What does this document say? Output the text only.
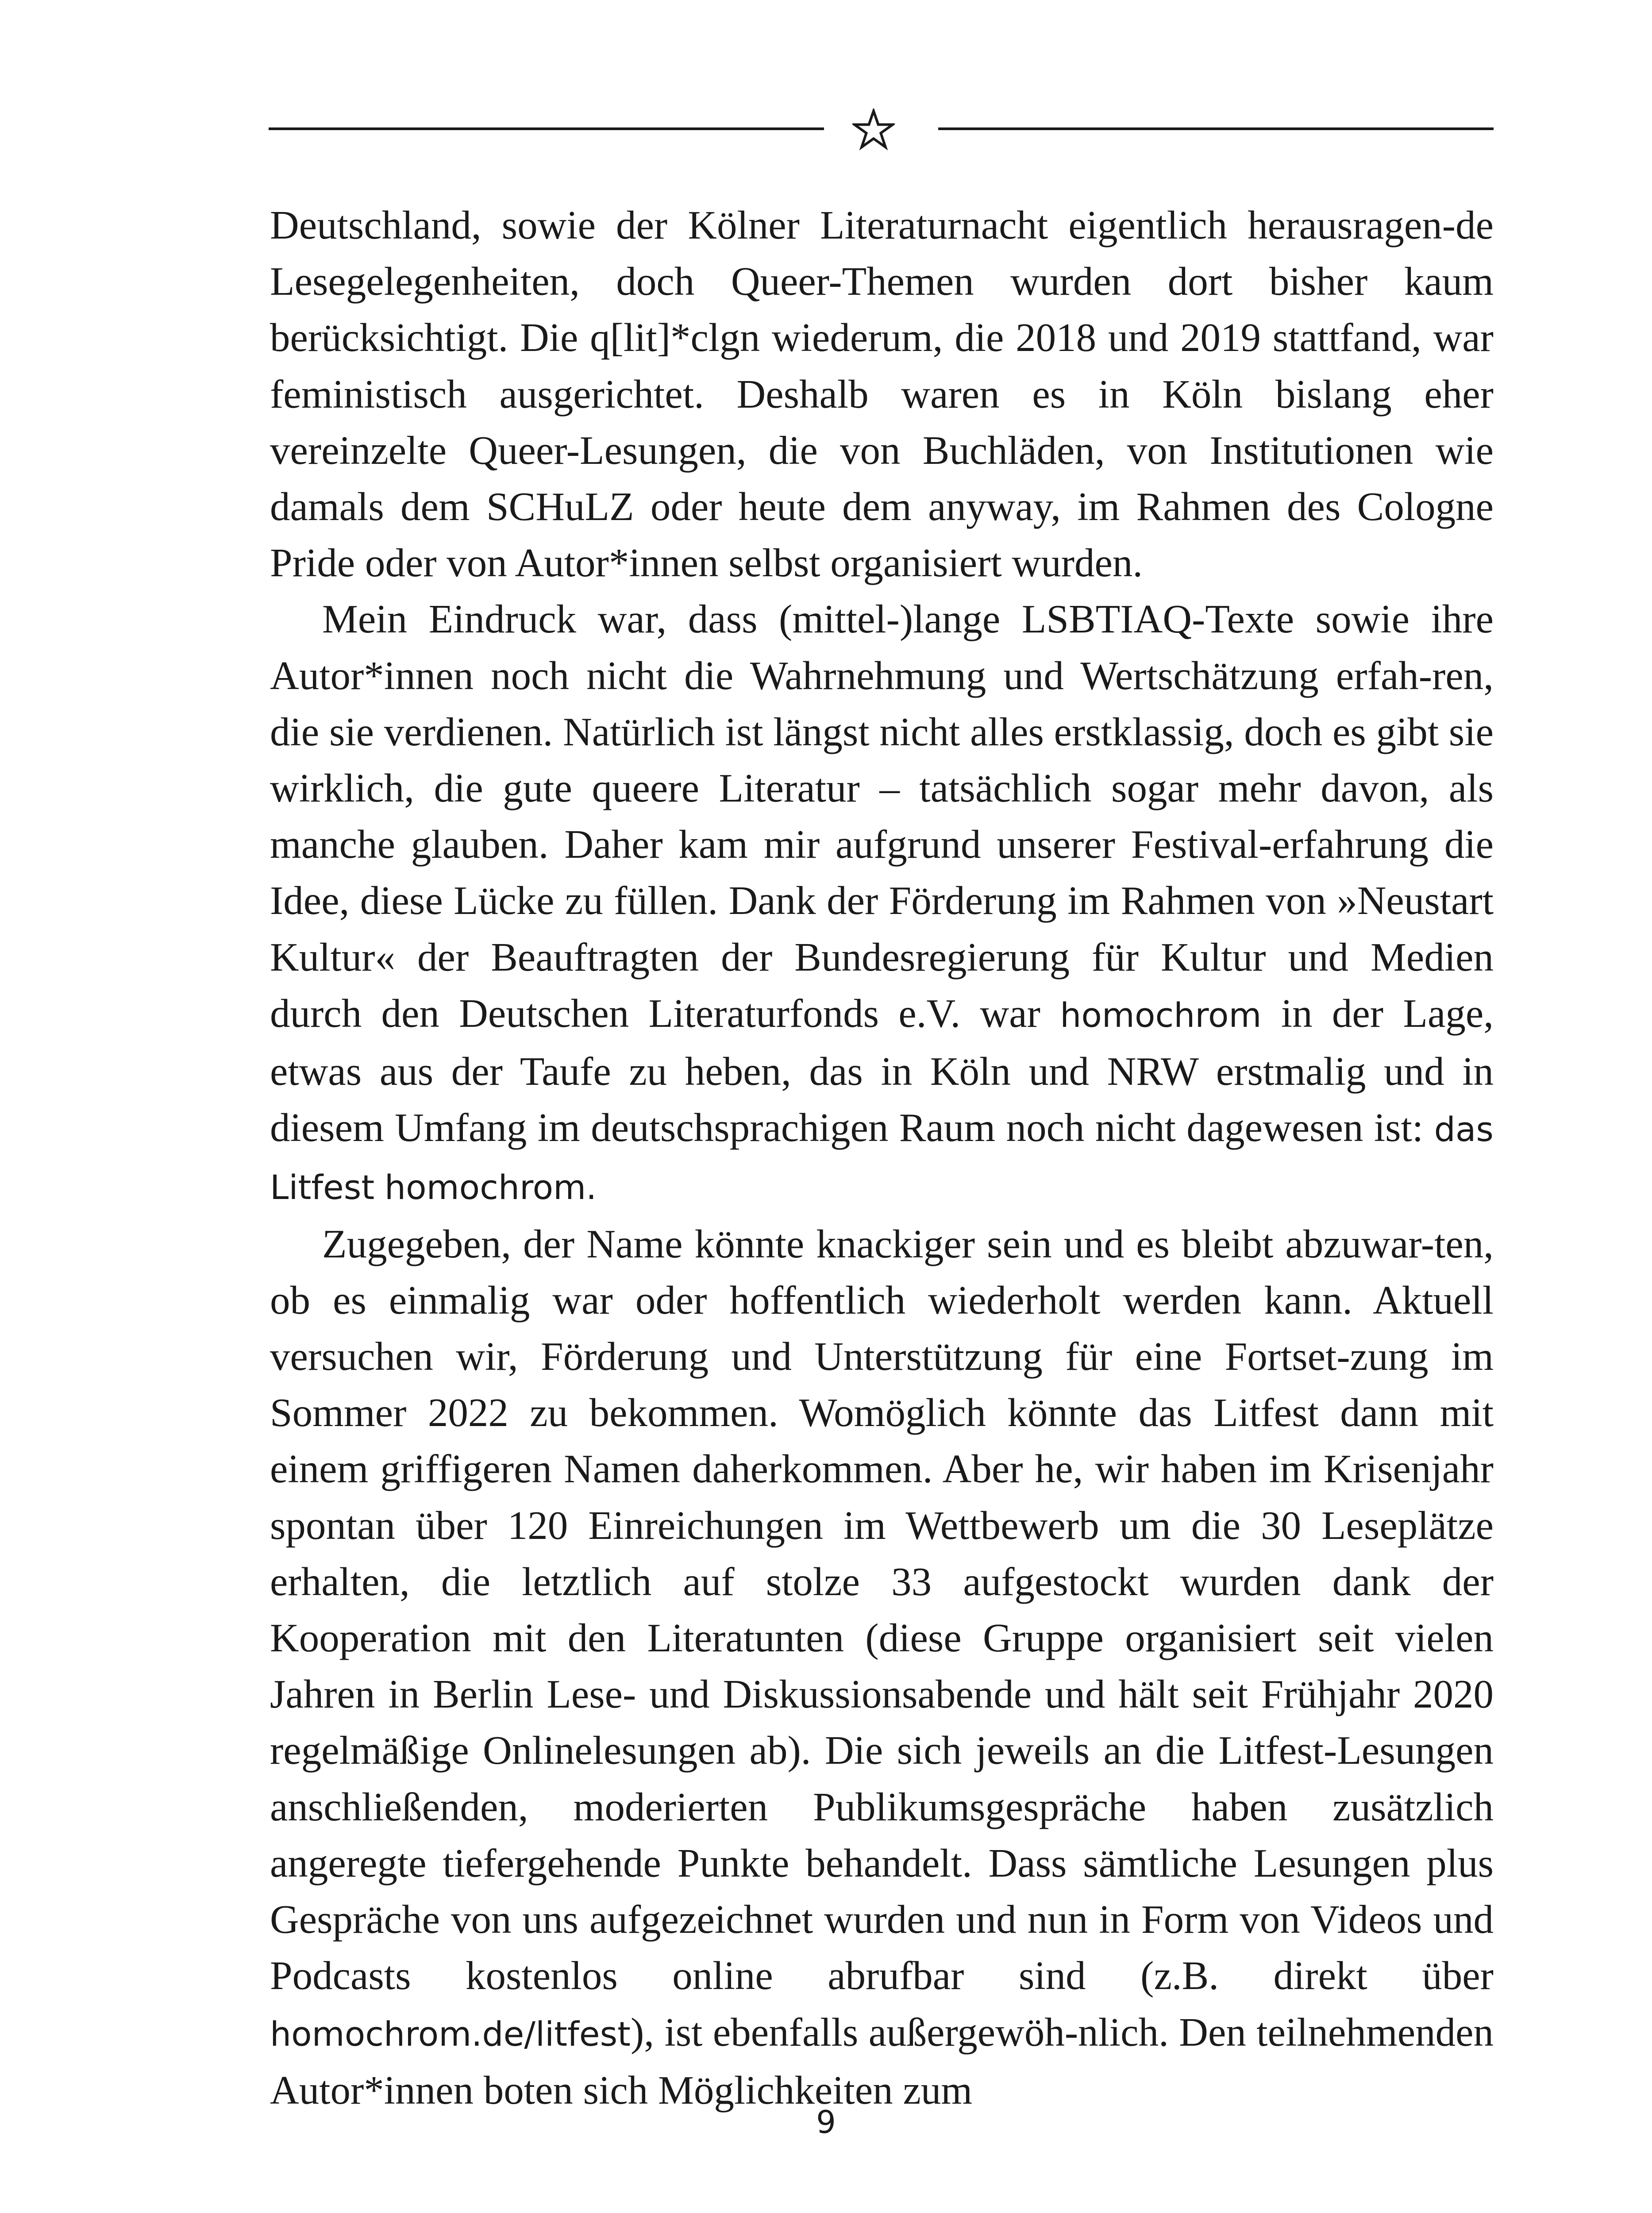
Deutschland, sowie der Kölner Literaturnacht eigentlich herausragen-de Lesegelegenheiten, doch Queer-Themen wurden dort bisher kaum berücksichtigt. Die q[lit]*clgn wiederum, die 2018 und 2019 stattfand, war feministisch ausgerichtet. Deshalb waren es in Köln bislang eher vereinzelte Queer-Lesungen, die von Buchläden, von Institutionen wie damals dem SCHuLZ oder heute dem anyway, im Rahmen des Cologne Pride oder von Autor*innen selbst organisiert wurden.

Mein Eindruck war, dass (mittel-)lange LSBTIAQ-Texte sowie ihre Autor*innen noch nicht die Wahrnehmung und Wertschätzung erfah-ren, die sie verdienen. Natürlich ist längst nicht alles erstklassig, doch es gibt sie wirklich, die gute queere Literatur – tatsächlich sogar mehr davon, als manche glauben. Daher kam mir aufgrund unserer Festival-erfahrung die Idee, diese Lücke zu füllen. Dank der Förderung im Rahmen von »Neustart Kultur« der Beauftragten der Bundesregierung für Kultur und Medien durch den Deutschen Literaturfonds e.V. war homochrom in der Lage, etwas aus der Taufe zu heben, das in Köln und NRW erstmalig und in diesem Umfang im deutschsprachigen Raum noch nicht dagewesen ist: das Litfest homochrom.

Zugegeben, der Name könnte knackiger sein und es bleibt abzuwar-ten, ob es einmalig war oder hoffentlich wiederholt werden kann. Aktuell versuchen wir, Förderung und Unterstützung für eine Fortset-zung im Sommer 2022 zu bekommen. Womöglich könnte das Litfest dann mit einem griffigeren Namen daherkommen. Aber he, wir haben im Krisenjahr spontan über 120 Einreichungen im Wettbewerb um die 30 Leseplätze erhalten, die letztlich auf stolze 33 aufgestockt wurden dank der Kooperation mit den Literatunten (diese Gruppe organisiert seit vielen Jahren in Berlin Lese- und Diskussionsabende und hält seit Frühjahr 2020 regelmäßige Onlinelesungen ab). Die sich jeweils an die Litfest-Lesungen anschließenden, moderierten Publikumsgespräche haben zusätzlich angeregte tiefergehende Punkte behandelt. Dass sämtliche Lesungen plus Gespräche von uns aufgezeichnet wurden und nun in Form von Videos und Podcasts kostenlos online abrufbar sind (z.B. direkt über homochrom.de/litfest), ist ebenfalls außergewöh-nlich. Den teilnehmenden Autor*innen boten sich Möglichkeiten zum

9
